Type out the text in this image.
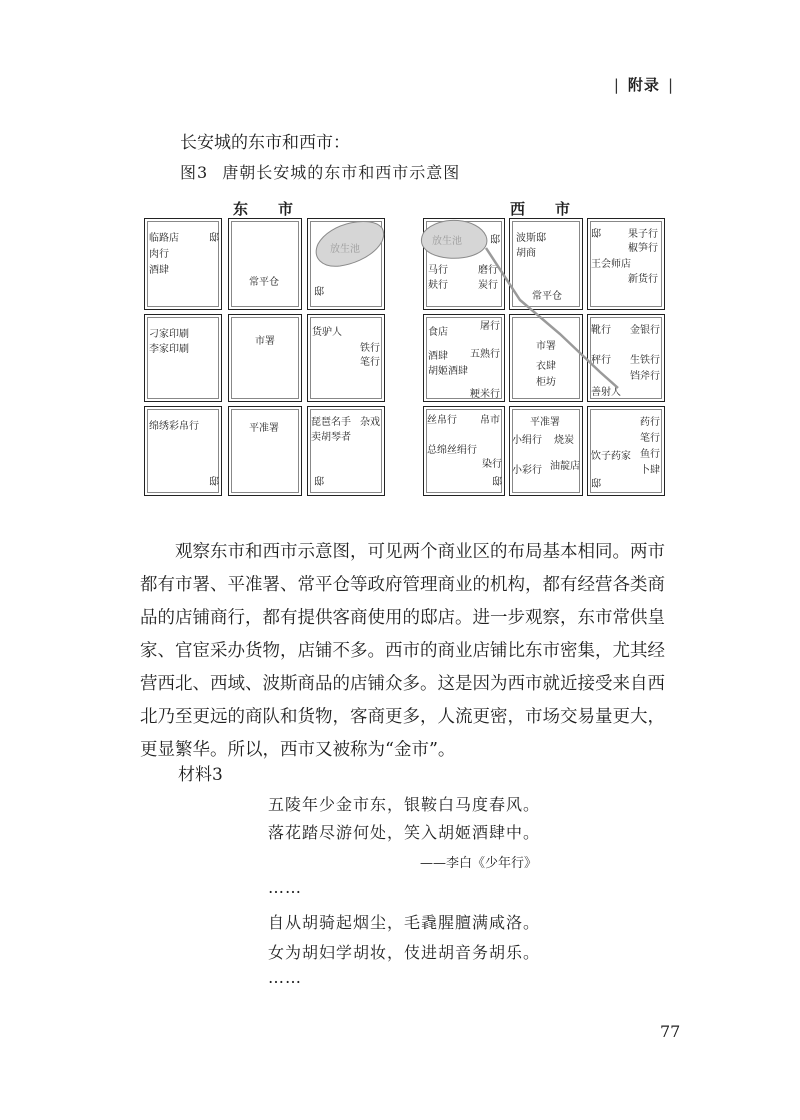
| 附录 |
长安城的东市和西市：
图3 唐朝长安城的东市和西市示意图
东市
临路店	邸
肉行
酒肆
常平仓
邸
刁家印刷
李家印刷
市署
货驴人
铁行
笔行
绵绣彩帛行
邸
平准署
琵琶名手 杂戏
卖胡琴者
邸
西市
邸
马行	磨行
麸行	炭行
波斯邸
胡商
常平仓
邸	果子行
椒笋行
王会师店
新货行
屠行
食店
酒肆 五熟行
胡姬酒肆
粳米行
市署
衣肆
柜坊
靴行 金银行
秤行 生铁行
铛斧行
善射人
丝帛行 帛市
总绵丝绢行
染行
邸
平准署
小绢行 烧炭
小彩行 油靛店
药行
笔行
饮子药家 鱼行
卜肆
邸
放生池
放生池
观察东市和西市示意图，可见两个商业区的布局基本相同。两市
都有市署、平准署、常平仓等政府管理商业的机构，都有经营各类商
品的店铺商行，都有提供客商使用的邸店。进一步观察，东市常供皇
家、官宦采办货物，店铺不多。西市的商业店铺比东市密集，尤其经
营西北、西域、波斯商品的店铺众多。这是因为西市就近接受来自西
北乃至更远的商队和货物，客商更多，人流更密，市场交易量更大，
更显繁华。所以，西市又被称为“金市”。
材料3
五陵年少金市东，银鞍白马度春风。
落花踏尽游何处，笑入胡姬酒肆中。
——李白《少年行》
……
自从胡骑起烟尘，毛毳腥膻满咸洛。
女为胡妇学胡妆，伎进胡音务胡乐。
……
77
